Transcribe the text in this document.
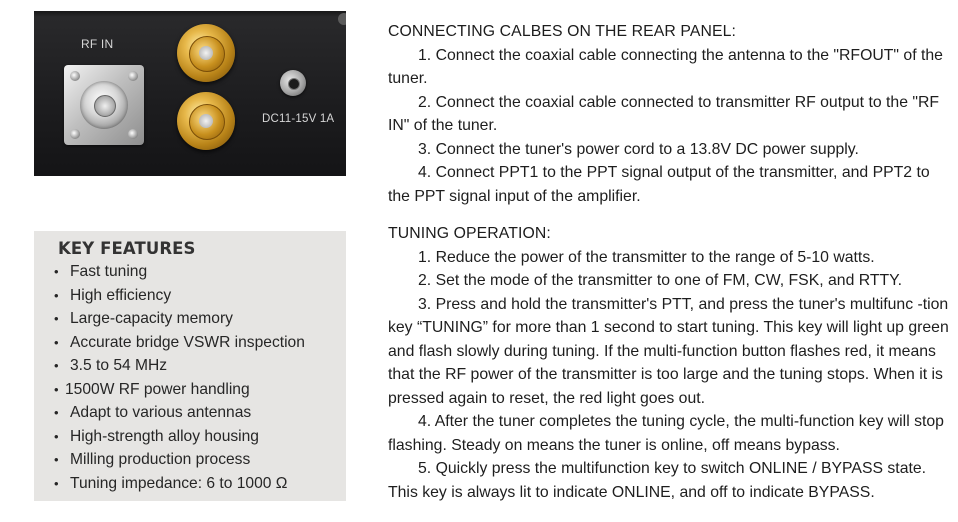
RF IN
DC11-15V 1A
KEY FEATURES
• Fast tuning
• High efficiency
• Large-capacity memory
• Accurate bridge VSWR inspection
• 3.5 to 54 MHz
• 1500W RF power handling
• Adapt to various antennas
• High-strength alloy housing
• Milling production process
• Tuning impedance: 6 to 1000 Ω
CONNECTING CALBES ON THE REAR PANEL:

1. Connect the coaxial cable connecting the antenna to the "RFOUT" of the tuner.

2. Connect the coaxial cable connected to transmitter RF output to the "RF IN" of the tuner.

3. Connect the tuner's power cord to a 13.8V DC power supply.

4. Connect PPT1 to the PPT signal output of the transmitter, and PPT2 to the PPT signal input of the amplifier.

TUNING OPERATION:

1. Reduce the power of the transmitter to the range of 5-10 watts.

2. Set the mode of the transmitter to one of FM, CW, FSK, and RTTY.

3. Press and hold the transmitter's PTT, and press the tuner's multifunc -tion key “TUNING” for more than 1 second to start tuning. This key will light up green and flash slowly during tuning. If the multi-function button flashes red, it means that the RF power of the transmitter is too large and the tuning stops. When it is pressed again to reset, the red light goes out.

4. After the tuner completes the tuning cycle, the multi-function key will stop flashing. Steady on means the tuner is online, off means bypass.

5. Quickly press the multifunction key to switch ONLINE / BYPASS state. This key is always lit to indicate ONLINE, and off to indicate BYPASS.
